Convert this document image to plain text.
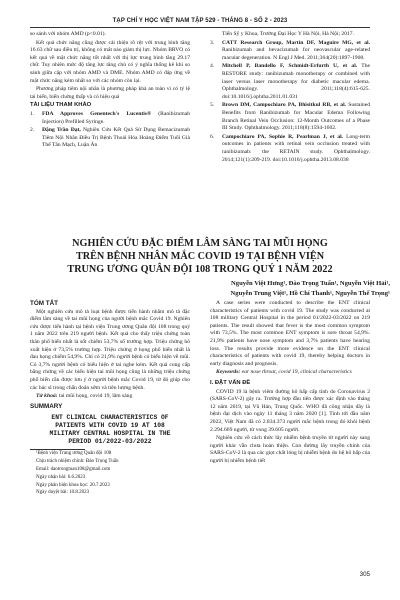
TẠP CHÍ Y HỌC VIỆT NAM TẬP 529 - THÁNG 8 - SỐ 2 - 2023

so sánh với nhóm AMD (p<0.01).

Kết quả chức năng cũng được cải thiện rõ rệt với trung bình tăng 16.63 chữ sau điều trị, không có mắt nào giảm thị lực. Nhóm BRVO có kết quả về mặt chức năng tốt nhất với thị lực trung bình tăng 29.17 chữ. Tuy nhiên mức độ tăng lực tăng chủ có ý nghĩa thống kê khi so sánh giữa cặp với nhóm AMD và DME. Nhóm AMD có đáp ứng về mặt chức năng kém nhất so với các nhóm còn lại.

Phương pháp tiêm nội nhãn là phương pháp khả an toàn vì có tỷ lệ tai biến, biến chứng thấp và có hiệu quả

TÀI LIỆU THAM KHẢO
1. FDA Approves Genentech's Lucentis® (Ranibizumab Injection) Prefilled Syringe.
2. Đặng Trần Đạt, Nghiên Cứu Kết Quả Sử Dụng Bemacizumab Tiêm Nội Nhãn Điều Trị Bệnh Thoái Hóa Hoàng Điểm Tuổi Già Thể Tân Mạch, Luận Án
Tiến Sỹ y Khoa, Trường Đại Học Y Hà Nội, Hà Nội; 2017.
3. CATT Research Group, Martin DF, Maguire MG, et al. Ranibizumab and bevacizumab for neovascular age-related macular degeneration. N Engl J Med. 2011;364(20):1897-1908.
4. Mitchell P, Bandello F, Schmidt-Erfurth U, et al. The RESTORE study: ranibizumab monotherapy or combined with laser versus laser monotherapy for diabetic macular edema. Ophthalmology. 2011;118(4):615-625. doi:10.1016/j.ophtha.2011.01.031
5. Brown DM, Campochiaro PA, Bhisitkul RB, et al. Sustained Benefits from Ranibizumab for Macular Edema Following Branch Retinal Vein Occlusion: 12-Month Outcomes of a Phase III Study. Ophthalmology. 2011;118(8):1594-1602.
6. Campochiaro PA, Sophie R, Pearlman J, et al. Long-term outcomes in patients with retinal vein occlusion treated with ranibizumab: the RETAIN study. Ophthalmology. 2014;121(1):209-219. doi:10.1016/j.ophtha.2013.08.038
NGHIÊN CỨU ĐẶC ĐIỂM LÂM SÀNG TAI MŨI HỌNG
TRÊN BỆNH NHÂN MẮC COVID 19 TẠI BỆNH VIỆN
TRUNG ƯƠNG QUÂN ĐỘI 108 TRONG QUÝ 1 NĂM 2022
Nguyễn Việt Hưng¹, Đào Trọng Tuấn¹, Nguyễn Việt Hải¹,
Nguyễn Trung Việt¹, Hồ Chí Thanh¹, Nguyễn Thế Trọng¹
TÓM TẮT

Một nghiên cứu mô tả loạt bệnh được tiến hành nhằm mô tả đặc điểm lâm sàng về tai mũi họng của người bệnh mắc Covid 19. Nghiên cứu được tiến hành tại bệnh viện Trung ương Quân đội 108 trong quý 1 năm 2022 trên 219 người bệnh. Kết quả cho thấy triệu chứng toàn thân phổ biến nhất là sốt chiếm 53,7% số trường hợp. Triệu chứng hô xuất hiện ở 73,5% trường hợp. Triệu chứng ở họng phổ biến nhất là đau họng chiếm 54,9%. Chỉ có 21,9% người bệnh có biểu hiện về mũi. Có 3,7% người bệnh có biểu hiện ở tai nghe kém. Kết quả cung cấp bằng chứng về các biểu hiện tai mũi họng cũng là những triệu chứng phổ biến cần được lưu ý ở người bệnh mắc Covid 19, từ đó giúp cho các bác sĩ trong chẩn đoán sớm và tiên lượng bệnh.

Từ khoá: tai mũi họng, covid 19, lâm sàng

SUMMARY
ENT CLINICAL CHARACTERISTICS OF
PATIENTS WITH COVID 19 AT 108
MILITARY CENTRAL HOSPITAL IN THE
PERIOD 01/2022-03/2022

¹Bệnh viện Trung ương Quân đội 108

Chịu trách nhiệm chính: Đào Trọng Tuấn

Email: daotrongtuan108@gmail.com

Ngày nhận bài: 6.6.2023

Ngày phản biện khoa học: 20.7.2023

Ngày duyệt bài: 10.8.2023

A case series were conducted to describe the ENT clinical characteristics of patients with covid 19. The study was conducted at 108 military Central Hospital in the period 01/2022-03/2022 on 219 patients. The result showed that fever is the most common symptom with 73,5%. The most common ENT symptom is sore throat 54,9%. 21,9% patients have nose symptom and 3,7% patients have hearing loss. The results provide more evidence on the ENT clinical characteristics of patients with covid 19, thereby helping doctors in early diagnosis and prognosis.

Keywords: ear nose throat, covid 19, clinical characteristics

I. ĐẶT VẤN ĐỀ

COVID 19 là bệnh viêm đường hô hấp cấp tính do Coronavirus 2 (SARS-CoV-2) gây ra. Trường hợp đầu tiên được xác định vào tháng 12 năm 2019, tại Vũ Hán, Trung Quốc. WHO đã công nhận đây là bệnh đại dịch vào ngày 11 tháng 3 năm 2020 [1]. Tính tới đầu năm 2022, Việt Nam đã có 2.834.373 người mắc bệnh trong đó khỏi bệnh 2.294.669 người, tử vong 39.605 người.

Nghiên cứu về cách thức lây nhiễm bệnh truyền từ người này sang người khác vẫn chưa hoàn thiện. Con đường lây truyền chính của SARS-CoV-2 là qua các giọt chất lỏng bị nhiễm bệnh do hệ hô hấp của người bị nhiễm bệnh tiết

305
